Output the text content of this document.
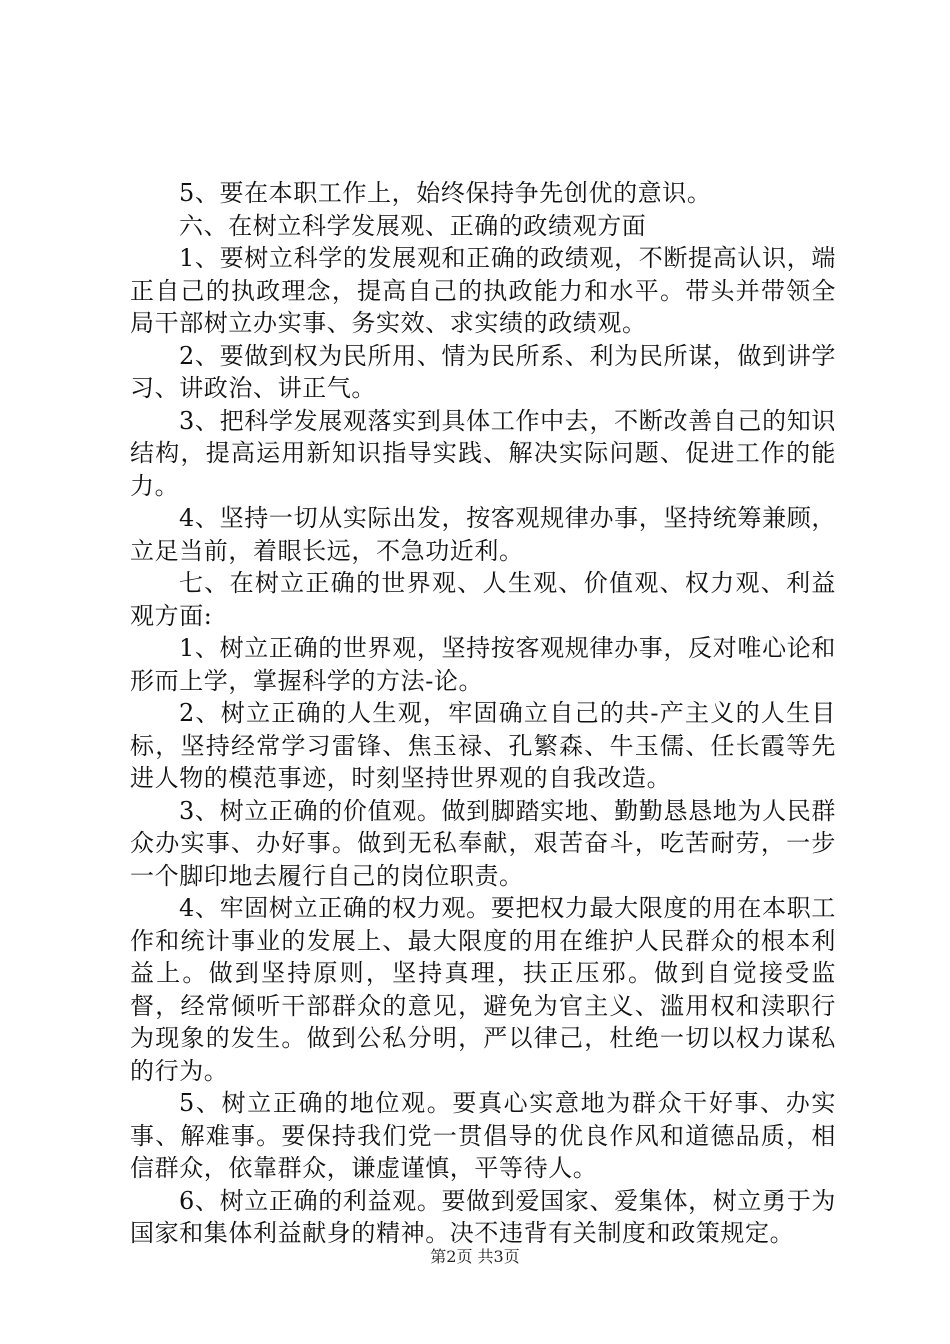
5、要在本职工作上，始终保持争先创优的意识。

六、在树立科学发展观、正确的政绩观方面

1、要树立科学的发展观和正确的政绩观，不断提高认识，端正自己的执政理念，提高自己的执政能力和水平。带头并带领全局干部树立办实事、务实效、求实绩的政绩观。

2、要做到权为民所用、情为民所系、利为民所谋，做到讲学习、讲政治、讲正气。

3、把科学发展观落实到具体工作中去，不断改善自己的知识结构，提高运用新知识指导实践、解决实际问题、促进工作的能力。

4、坚持一切从实际出发，按客观规律办事，坚持统筹兼顾，立足当前，着眼长远，不急功近利。

七、在树立正确的世界观、人生观、价值观、权力观、利益观方面:

1、树立正确的世界观，坚持按客观规律办事，反对唯心论和形而上学，掌握科学的方法-论。

2、树立正确的人生观，牢固确立自己的共-产主义的人生目标，坚持经常学习雷锋、焦玉禄、孔繁森、牛玉儒、任长霞等先进人物的模范事迹，时刻坚持世界观的自我改造。

3、树立正确的价值观。做到脚踏实地、勤勤恳恳地为人民群众办实事、办好事。做到无私奉献，艰苦奋斗，吃苦耐劳，一步一个脚印地去履行自己的岗位职责。

4、牢固树立正确的权力观。要把权力最大限度的用在本职工作和统计事业的发展上、最大限度的用在维护人民群众的根本利益上。做到坚持原则，坚持真理，扶正压邪。做到自觉接受监督，经常倾听干部群众的意见，避免为官主义、滥用权和渎职行为现象的发生。做到公私分明，严以律己，杜绝一切以权力谋私的行为。

5、树立正确的地位观。要真心实意地为群众干好事、办实事、解难事。要保持我们党一贯倡导的优良作风和道德品质，相信群众，依靠群众，谦虚谨慎，平等待人。

6、树立正确的利益观。要做到爱国家、爱集体，树立勇于为国家和集体利益献身的精神。决不违背有关制度和政策规定。

第2页 共3页
